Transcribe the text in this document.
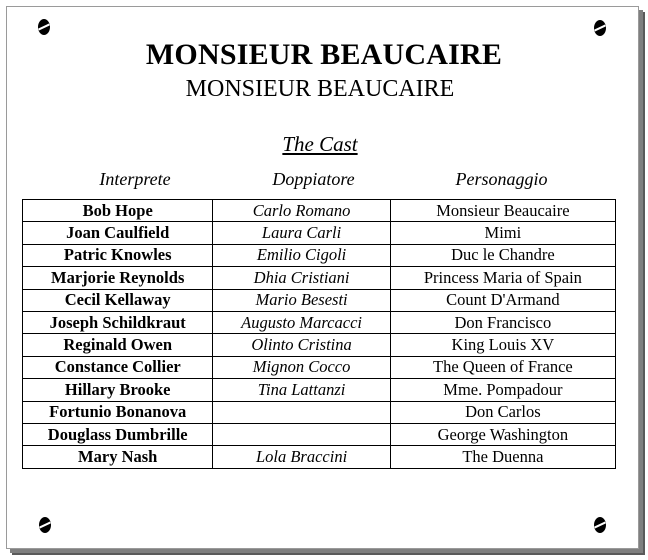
MONSIEUR BEAUCAIRE
MONSIEUR BEAUCAIRE
The Cast
Interprete	Doppiatore	Personaggio
Bob Hope	Carlo Romano	Monsieur Beaucaire
Joan Caulfield	Laura Carli	Mimi
Patric Knowles	Emilio Cigoli	Duc le Chandre
Marjorie Reynolds	Dhia Cristiani	Princess Maria of Spain
Cecil Kellaway	Mario Besesti	Count D'Armand
Joseph Schildkraut	Augusto Marcacci	Don Francisco
Reginald Owen	Olinto Cristina	King Louis XV
Constance Collier	Mignon Cocco	The Queen of France
Hillary Brooke	Tina Lattanzi	Mme. Pompadour
Fortunio Bonanova		Don Carlos
Douglass Dumbrille		George Washington
Mary Nash	Lola Braccini	The Duenna
